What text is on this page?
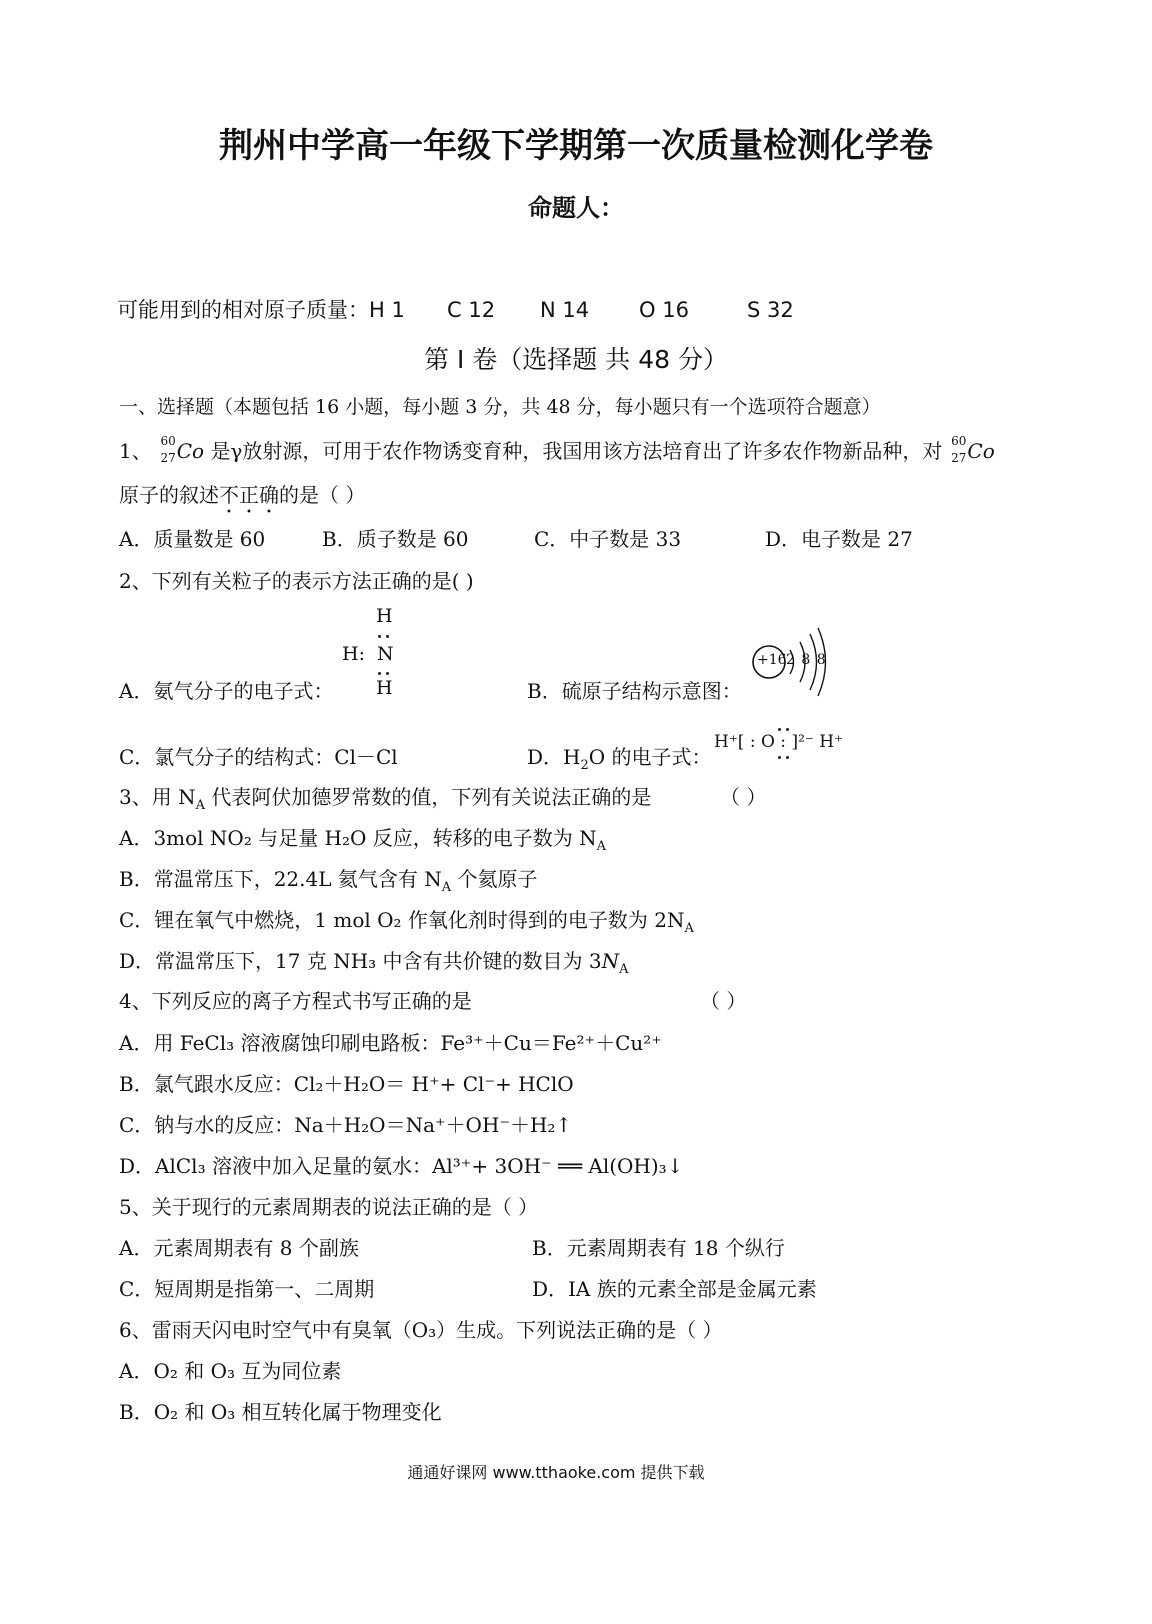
荆州中学高一年级下学期第一次质量检测化学卷
命题人：
可能用到的相对原子质量：H 1 C 12 N 14 O 16	S 32
第 I 卷（选择题 共 48 分）
一、选择题（本题包括 16 小题，每小题 3 分，共 48 分，每小题只有一个选项符合题意）
1、 60
27 Co 是γ放射源，可用于农作物诱变育种，我国用该方法培育出了许多农作物新品种，对 60
27 Co
原子的叙述不正确的是（ ）
A．质量数是 60	B．质子数是 60	C．中子数是 33	D．电子数是 27
2、下列有关粒子的表示方法正确的是( )
H
H: N
H
A．氨气分子的电子式：	B．硫原子结构示意图：
+16 2 8 8
C．氯气分子的结构式：Cl－Cl	D．$H_2O$ 的电子式：
H⁺[ : O : ]²⁻ H⁺
3、用 $N_A$ 代表阿伏加德罗常数的值，下列有关说法正确的是	（ ）
A．3mol NO₂ 与足量 H₂O 反应，转移的电子数为 $N_A$
B．常温常压下，22.4L 氦气含有 $N_A$ 个氦原子
C．锂在氧气中燃烧，1 mol O₂ 作氧化剂时得到的电子数为 $2N_A$
D．常温常压下，17 克 NH₃ 中含有共价键的数目为 $3N_A$
4、下列反应的离子方程式书写正确的是	（ ）
A．用 FeCl₃ 溶液腐蚀印刷电路板：Fe³⁺＋Cu＝Fe²⁺＋Cu²⁺
B．氯气跟水反应：Cl₂＋H₂O＝ H⁺+ Cl⁻+ HClO
C．钠与水的反应：Na＋H₂O＝Na⁺＋OH⁻＋H₂↑
D．AlCl₃ 溶液中加入足量的氨水：Al³⁺+ 3OH⁻ ══ Al(OH)₃↓
5、关于现行的元素周期表的说法正确的是（ ）
A．元素周期表有 8 个副族	B．元素周期表有 18 个纵行
C．短周期是指第一、二周期	D．IA 族的元素全部是金属元素
6、雷雨天闪电时空气中有臭氧（O₃）生成。下列说法正确的是（ ）
A．O₂ 和 O₃ 互为同位素
B．O₂ 和 O₃ 相互转化属于物理变化
通通好课网 www.tthaoke.com 提供下载
